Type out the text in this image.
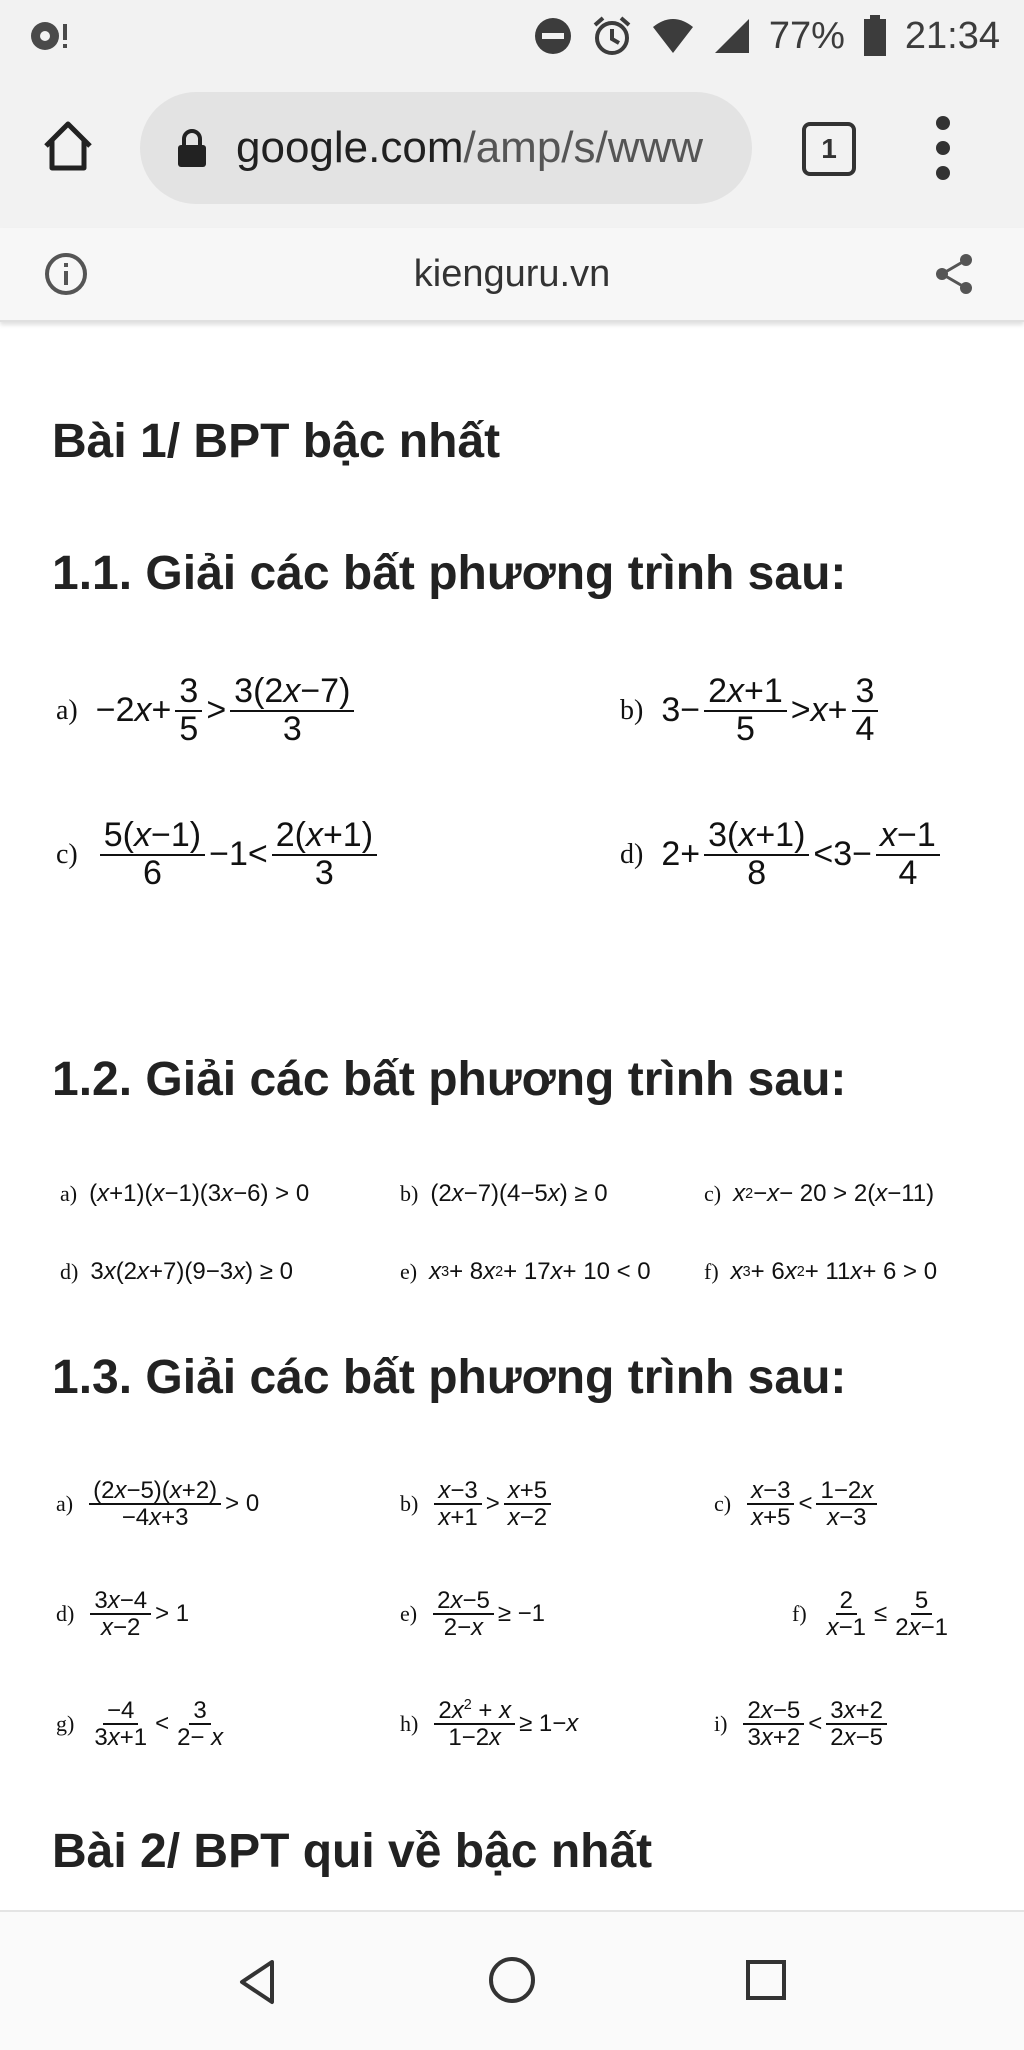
77% 21:34
google.com/amp/s/www	1
kienguru.vn
Bài 1/ BPT bậc nhất
1.1. Giải các bất phương trình sau:
a) −2 $x + \frac{3}{5} > \frac{3(2x-7)}{3}$	b) $3- \frac{2x+1}{5} > x + \frac{3}{4}$
$c) \frac{5(x-1)}{6} -1< \frac{2(x+1)}{3}$	d) $2+ \frac{3(x+1)}{8} <3- \frac{x-1}{4}$
1.2. Giải các bất phương trình sau:
a) ( x +1)( x −1)(3 x −6) > 0	b) (2 x −7)(4−5 x ) ≥ 0	c) x 2 − x − 20 > 2( x −11)
d) 3 x (2 x +7)(9−3 x ) ≥ 0	e) x 3 + 8 x 2 + 17 x + 10 < 0 f) x 3 + 6 x 2 + 11 x + 6 > 0
1.3. Giải các bất phương trình sau:
$a) \frac{(2x-5)(x+2)}{-4x+3} > 0$	$b) \frac{x-3}{x+1} > \frac{x+5}{x-2}$	$c) \frac{x-3}{x+5} < \frac{1-2x}{x-3}$
$d) \frac{3x-4}{x-2} > 1$	$e) \frac{2x-5}{2-x} \ge -1$	$f) \frac{2}{x-1} \le \frac{5}{2x-1}$
$g) \frac{-4}{3x+1} < \frac{3}{2- x}$	$h) \frac{2x^2 + x}{1-2x} \ge 1- x$	$i) \frac{2x-5}{3x+2} < \frac{3x+2}{2x-5}$
Bài 2/ BPT qui về bậc nhất
